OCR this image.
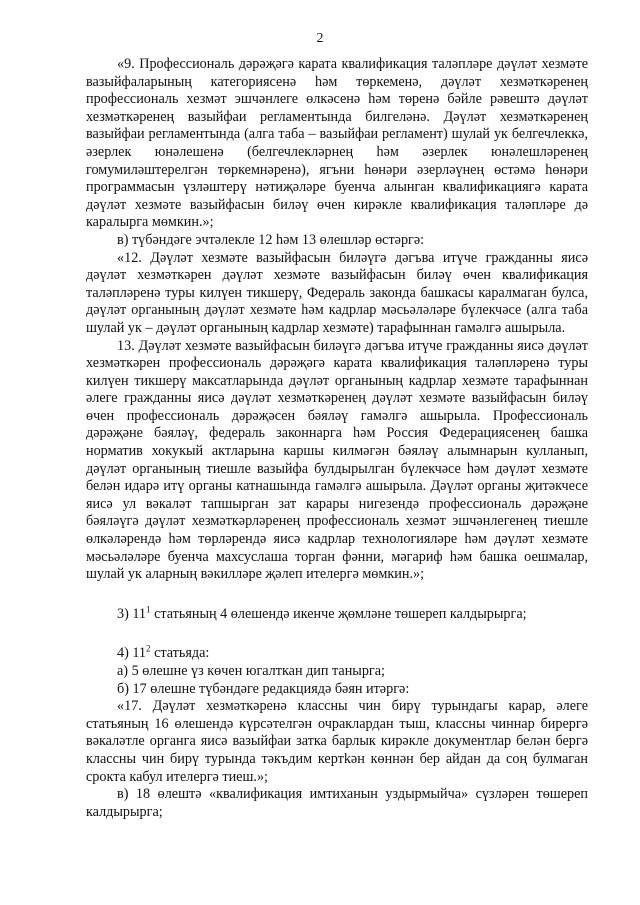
2

«9. Профессиональ дәрәҗәгә карата квалификация таләпләре дәүләт хезмәте вазыйфаларының категориясенә һәм төркеменә, дәүләт хезмәткәренең профессиональ хезмәт эшчәнлеге өлкәсенә һәм төренә бәйле рәвештә дәүләт хезмәткәренең вазыйфаи регламентында билгеләнә. Дәүләт хезмәткәренең вазыйфаи регламентында (алга таба – вазыйфаи регламент) шулай ук белгечлеккә, әзерлек юнәлешенә (белгечлекләрнең һәм әзерлек юнәлешләренең гомумиләштерелгән төркемнәренә), ягъни һөнәри әзерләүнең өстәмә һөнәри программасын үзләштерү нәтиҗәләре буенча алынган квалификациягә карата дәүләт хезмәте вазыйфасын биләү өчен кирәкле квалификация таләпләре дә каралырга мөмкин.»;

в) түбәндәге эчтәлекле 12 һәм 13 өлешләр өстәргә:

«12. Дәүләт хезмәте вазыйфасын биләүгә дәгъва итүче гражданны яисә дәүләт хезмәткәрен дәүләт хезмәте вазыйфасын биләү өчен квалификация таләпләренә туры килүен тикшерү, Федераль законда башкасы каралмаган булса, дәүләт органының дәүләт хезмәте һәм кадрлар мәсьәләләре бүлекчәсе (алга таба шулай ук – дәүләт органының кадрлар хезмәте) тарафыннан гамәлгә ашырыла.

13. Дәүләт хезмәте вазыйфасын биләүгә дәгъва итүче гражданны яисә дәүләт хезмәткәрен профессиональ дәрәҗәгә карата квалификация таләпләренә туры килүен тикшерү максатларында дәүләт органының кадрлар хезмәте тарафыннан әлеге гражданны яисә дәүләт хезмәткәренең дәүләт хезмәте вазыйфасын биләү өчен профессиональ дәрәҗәсен бәяләү гамәлгә ашырыла. Профессиональ дәрәҗәне бәяләү, федераль законнарга һәм Россия Федерациясенең башка норматив хокукый актларына каршы килмәгән бәяләү алымнарын кулланып, дәүләт органының тиешле вазыйфа булдырылган бүлекчәсе һәм дәүләт хезмәте белән идарә итү органы катнашында гамәлгә ашырыла. Дәүләт органы җитәкчесе яисә ул вәкаләт тапшырган зат карары нигезендә профессиональ дәрәҗәне бәяләүгә дәүләт хезмәткәрләренең профессиональ хезмәт эшчәнлегенең тиешле өлкәләрендә һәм төрләрендә яисә кадрлар технологияләре һәм дәүләт хезмәте мәсьәләләре буенча махсуслаша торган фәнни, мәгариф һәм башка оешмалар, шулай ук аларның вәкилләре җәлеп ителергә мөмкин.»;

3) $11^1$ статьяның 4 өлешендә икенче җөмләне төшереп калдырырга;

4) $11^2$ статьяда:

а) 5 өлешне үз көчен югалткан дип танырга;

б) 17 өлешне түбәндәге редакциядә бәян итәргә:

«17. Дәүләт хезмәткәренә классны чин бирү турындагы карар, әлеге статьяның 16 өлешендә күрсәтелгән очраклардан тыш, классны чиннар бирергә вәкаләтле органга яисә вазыйфаи затка барлык кирәкле документлар белән бергә классны чин бирү турында тәкъдим кертkән көннән бер айдан да соң булмаган срокта кабул ителергә тиеш.»;

в) 18 өлештә «квалификация имтиханын уздырмыйча» сүзләрен төшереп калдырырга;
